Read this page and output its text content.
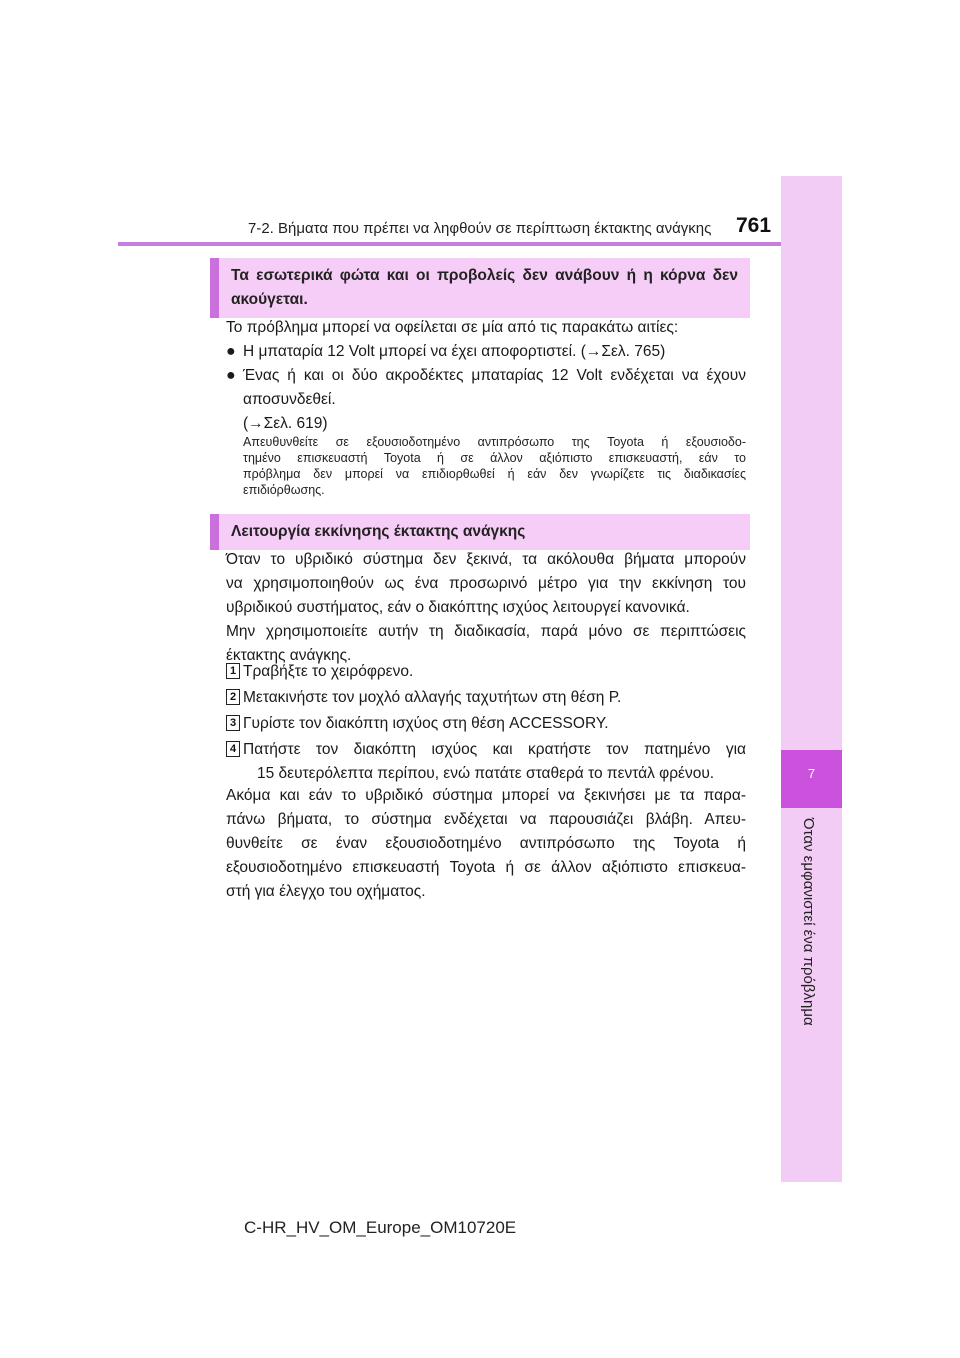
7-2. Βήματα που πρέπει να ληφθούν σε περίπτωση έκτακτης ανάγκης 761
7
Όταν εμφανιστεί ένα πρόβλημα
Τα εσωτερικά φώτα και οι προβολείς δεν ανάβουν ή η κόρνα δεν
ακούγεται.
Το πρόβλημα μπορεί να οφείλεται σε μία από τις παρακάτω αιτίες:
● Η μπαταρία 12 Volt μπορεί να έχει αποφορτιστεί. (→Σελ. 765)
● Ένας ή και οι δύο ακροδέκτες μπαταρίας 12 Volt ενδέχεται να έχουν
αποσυνδεθεί.
(→Σελ. 619)
Απευθυνθείτε σε εξουσιοδοτημένο αντιπρόσωπο της Toyota ή εξουσιοδο-
τημένο επισκευαστή Toyota ή σε άλλον αξιόπιστο επισκευαστή, εάν το
πρόβλημα δεν μπορεί να επιδιορθωθεί ή εάν δεν γνωρίζετε τις διαδικασίες
επιδιόρθωσης.
Λειτουργία εκκίνησης έκτακτης ανάγκης
Όταν το υβριδικό σύστημα δεν ξεκινά, τα ακόλουθα βήματα μπορούν
να χρησιμοποιηθούν ως ένα προσωρινό μέτρο για την εκκίνηση του
υβριδικού συστήματος, εάν ο διακόπτης ισχύος λειτουργεί κανονικά.
Μην χρησιμοποιείτε αυτήν τη διαδικασία, παρά μόνο σε περιπτώσεις
έκτακτης ανάγκης.
1 Τραβήξτε το χειρόφρενο.
2 Μετακινήστε τον μοχλό αλλαγής ταχυτήτων στη θέση P.
3 Γυρίστε τον διακόπτη ισχύος στη θέση ACCESSORY.
4 Πατήστε τον διακόπτη ισχύος και κρατήστε τον πατημένο για
15 δευτερόλεπτα περίπου, ενώ πατάτε σταθερά το πεντάλ φρένου.
Ακόμα και εάν το υβριδικό σύστημα μπορεί να ξεκινήσει με τα παρα-
πάνω βήματα, το σύστημα ενδέχεται να παρουσιάζει βλάβη. Απευ-
θυνθείτε σε έναν εξουσιοδοτημένο αντιπρόσωπο της Toyota ή
εξουσιοδοτημένο επισκευαστή Toyota ή σε άλλον αξιόπιστο επισκευα-
στή για έλεγχο του οχήματος.
C-HR_HV_OM_Europe_OM10720E
